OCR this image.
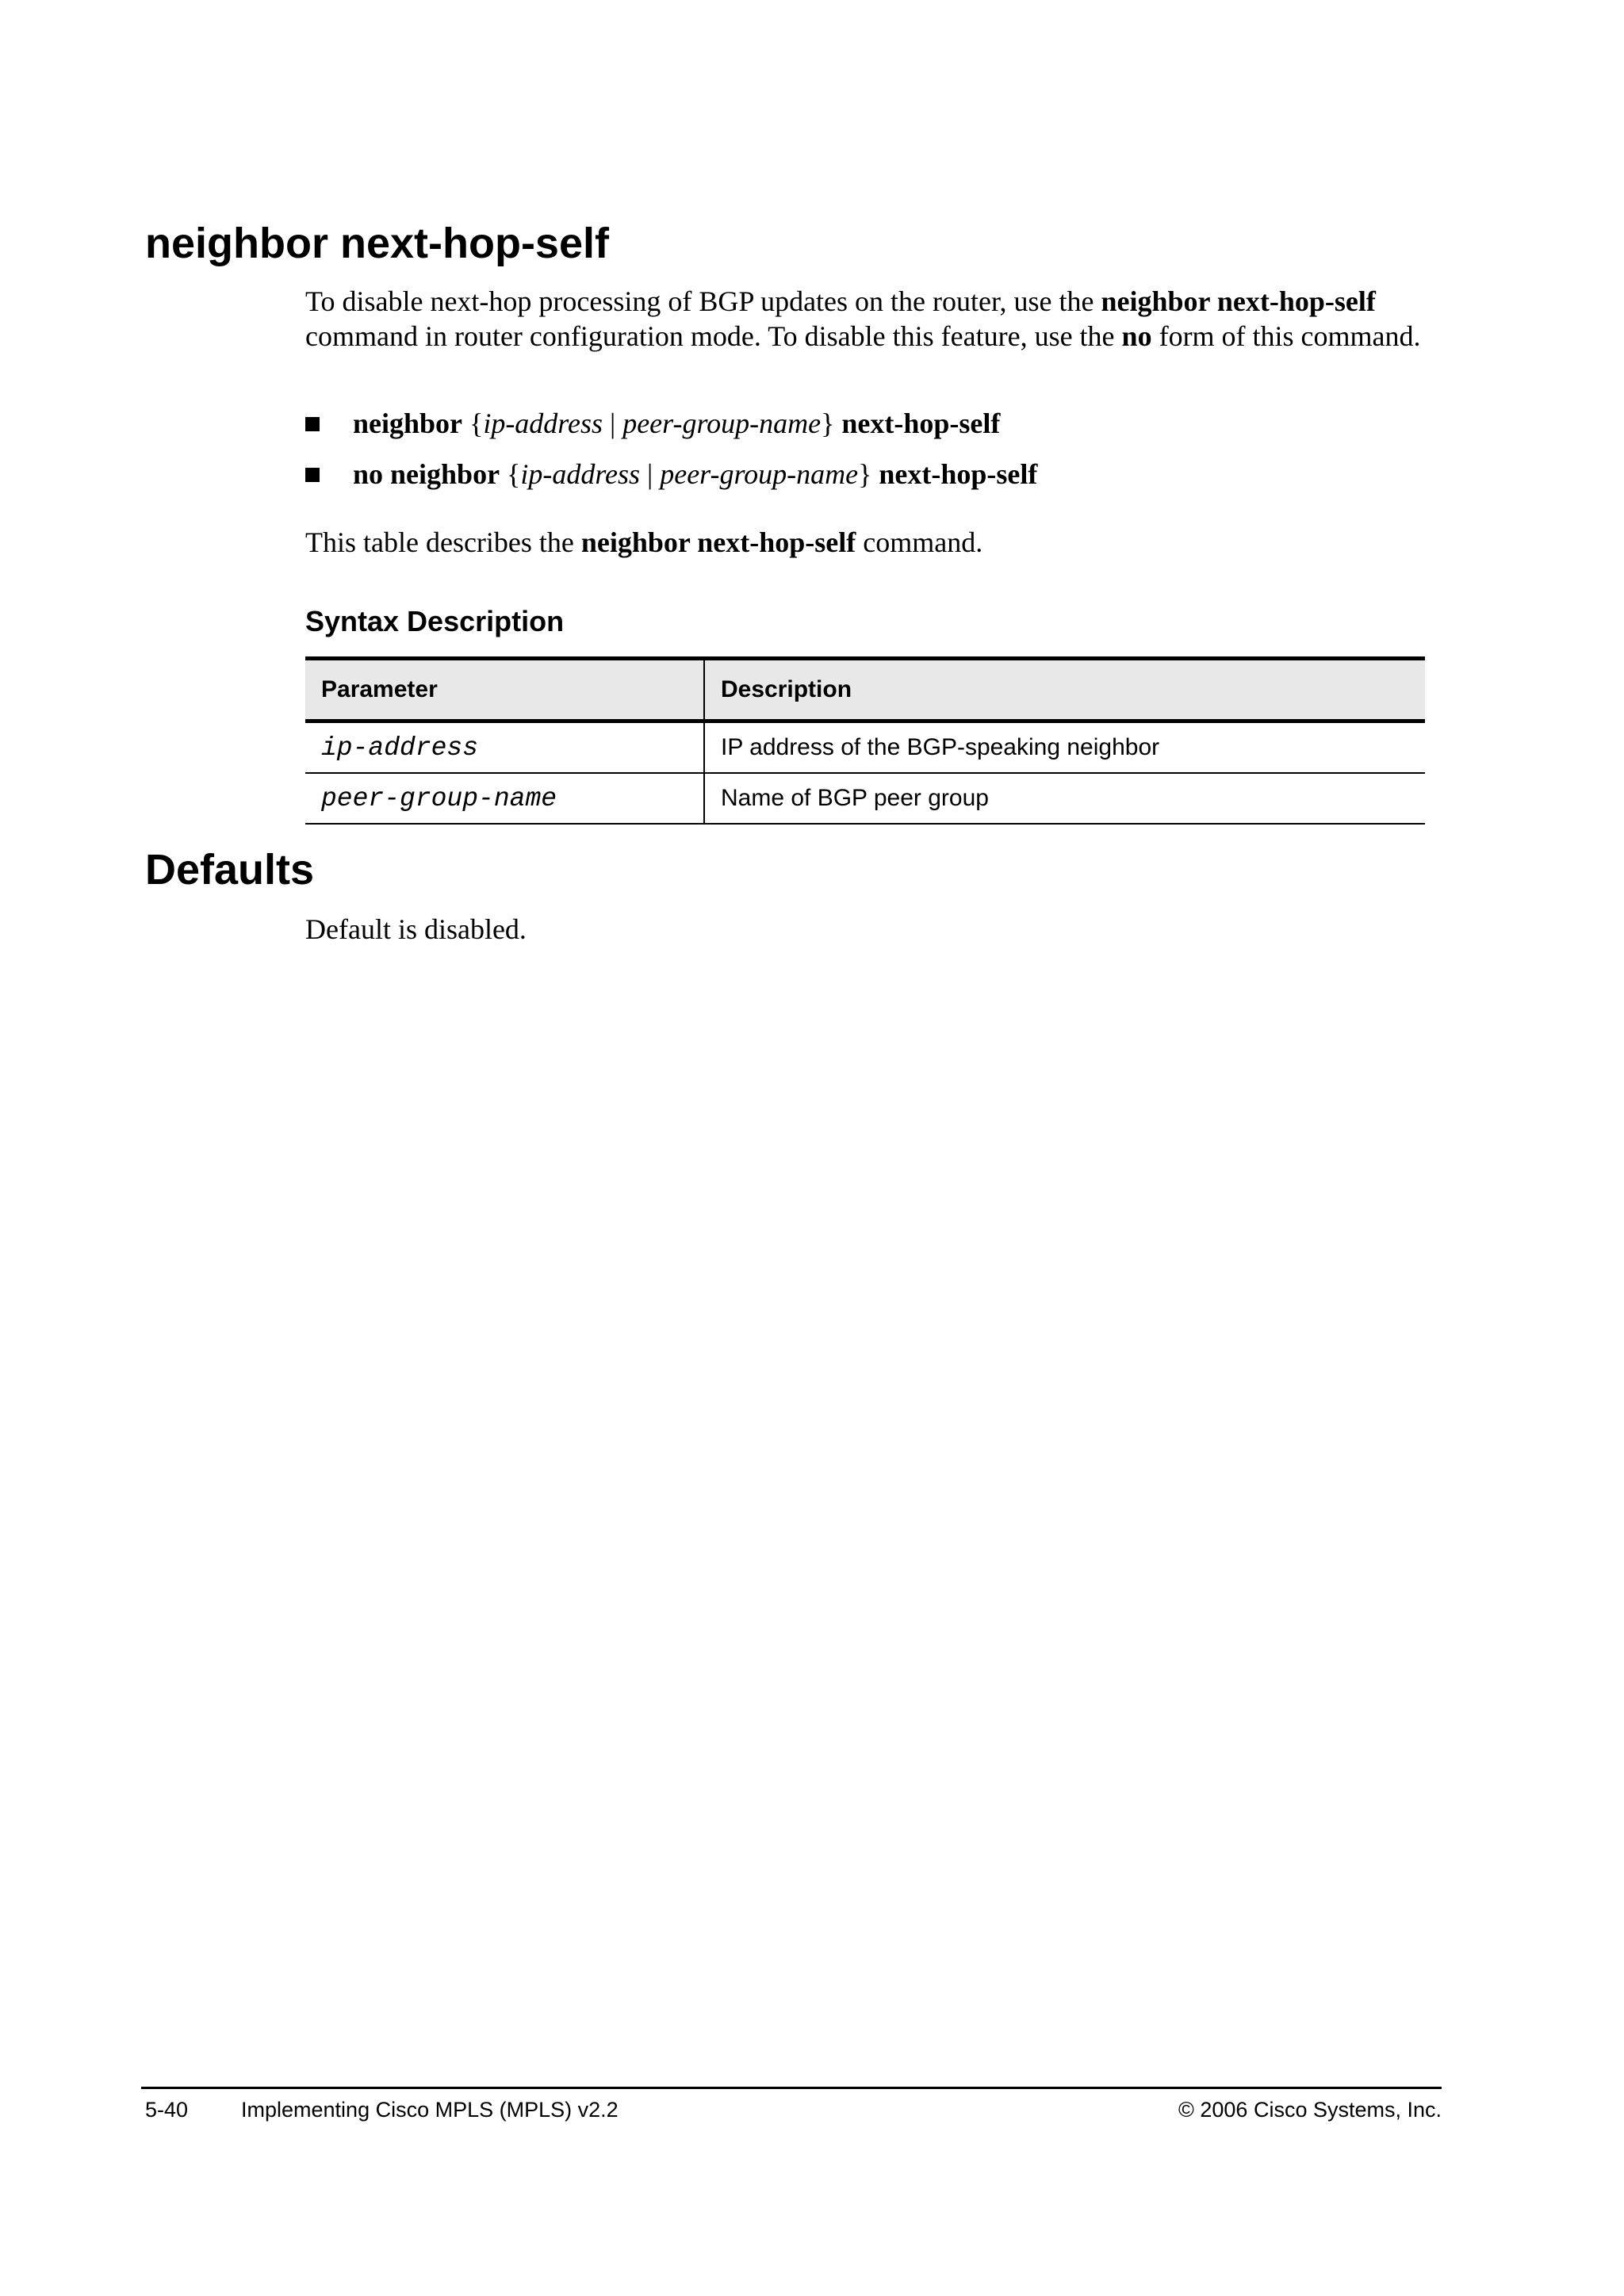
neighbor next-hop-self

To disable next-hop processing of BGP updates on the router, use the neighbor next-hop-self command in router configuration mode. To disable this feature, use the no form of this command.

neighbor {ip-address | peer-group-name} next-hop-self
no neighbor {ip-address | peer-group-name} next-hop-self

This table describes the neighbor next-hop-self command.

Syntax Description
Parameter	Description
ip-address	IP address of the BGP-speaking neighbor
peer-group-name	Name of BGP peer group
Defaults

Default is disabled.

5-40 Implementing Cisco MPLS (MPLS) v2.2	© 2006 Cisco Systems, Inc.
